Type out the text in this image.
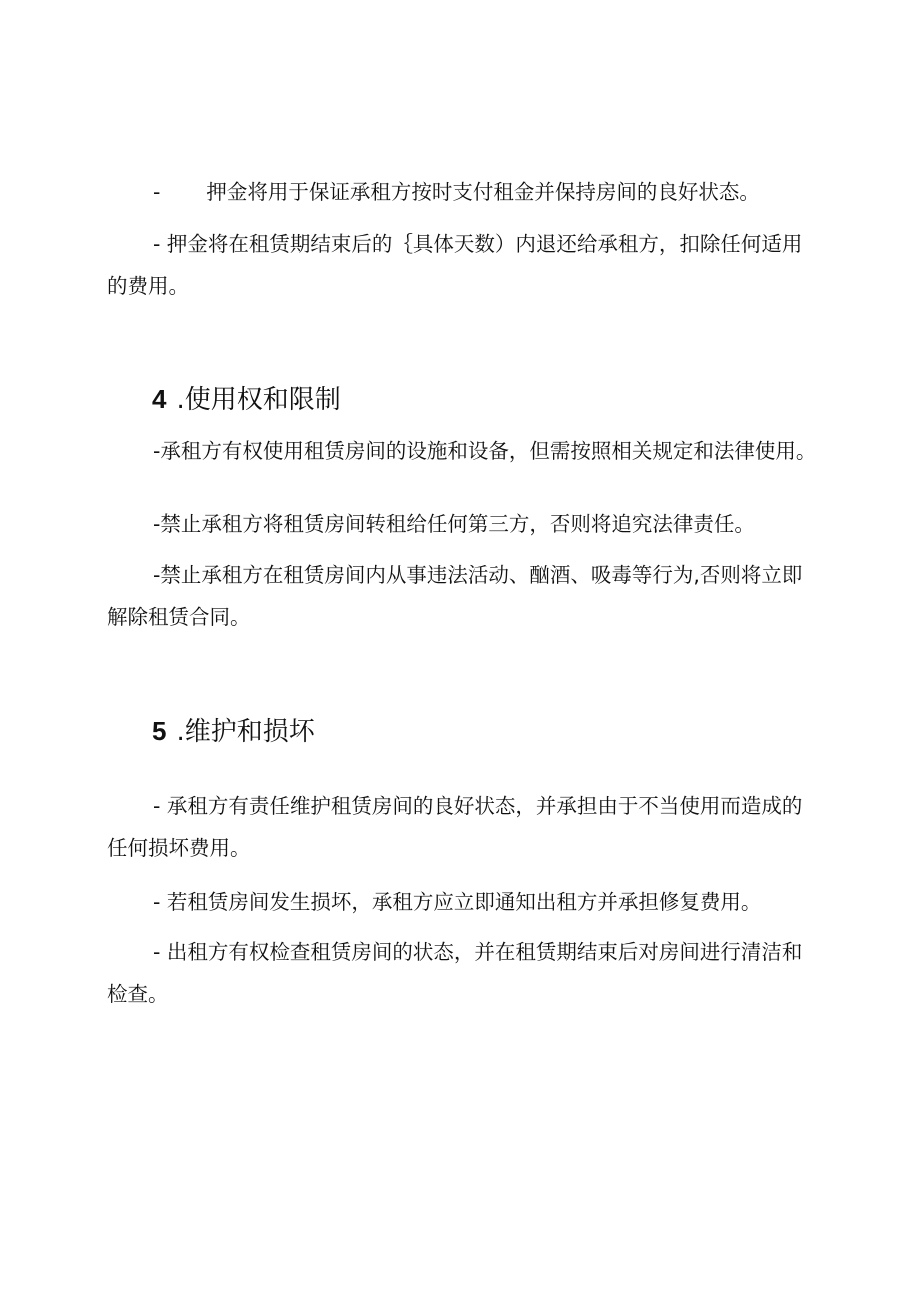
- 押金将用于保证承租方按时支付租金并保持房间的良好状态。

- 押金将在租赁期结束后的｛具体天数）内退还给承租方，扣除任何适用的费用。

4 .使用权和限制

-承租方有权使用租赁房间的设施和设备，但需按照相关规定和法律使用。

-禁止承租方将租赁房间转租给任何第三方，否则将追究法律责任。

-禁止承租方在租赁房间内从事违法活动、酗酒、吸毒等行为,否则将立即解除租赁合同。

5 .维护和损坏

- 承租方有责任维护租赁房间的良好状态，并承担由于不当使用而造成的任何损坏费用。

- 若租赁房间发生损坏，承租方应立即通知出租方并承担修复费用。

- 出租方有权检查租赁房间的状态，并在租赁期结束后对房间进行清洁和检查。
